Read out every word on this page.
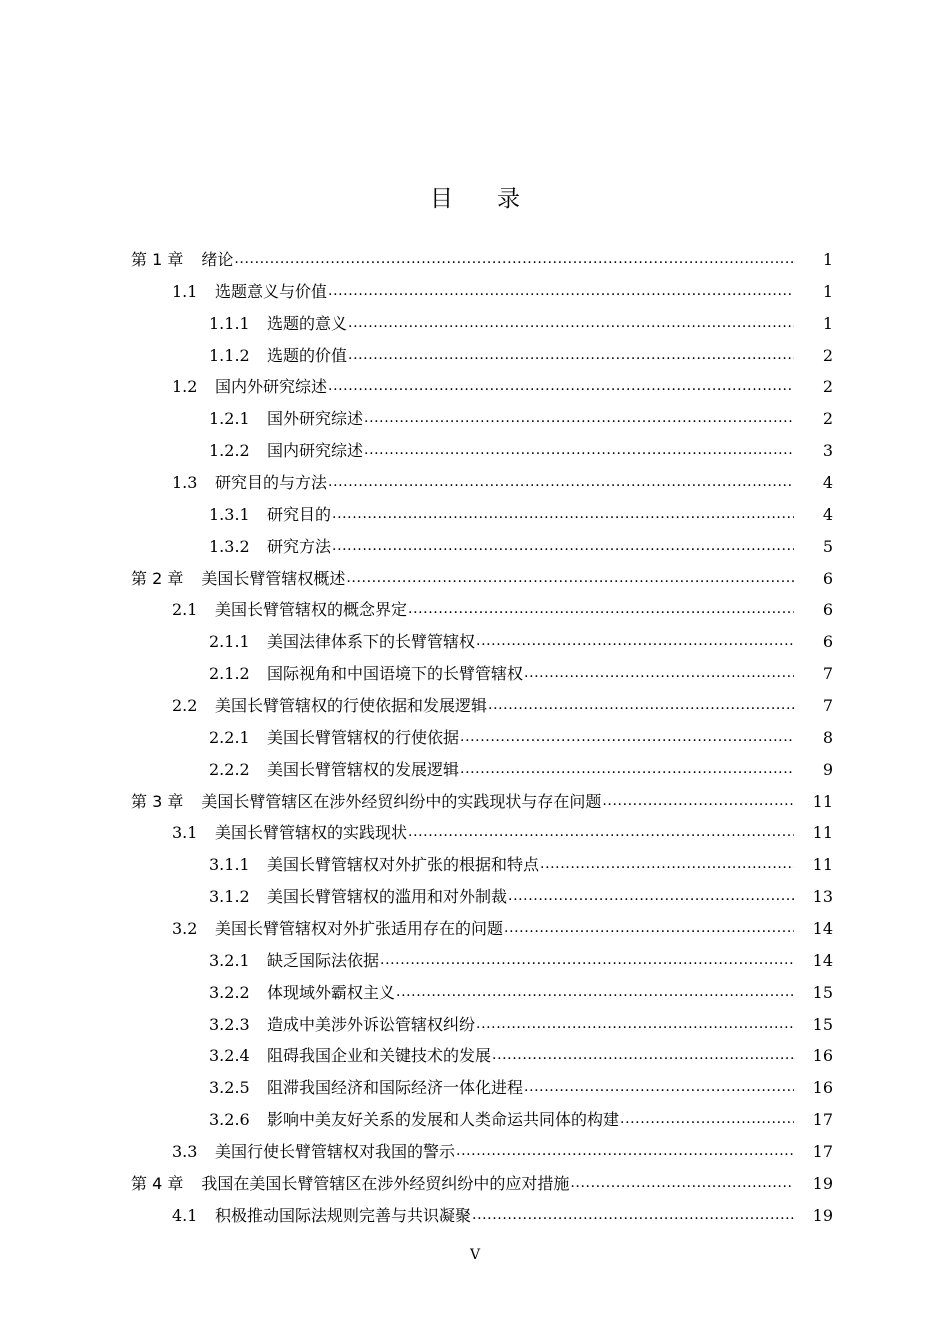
目录
第 1 章 绪论 .....	1
1.1	选题意义与价值 .....	1
1.1.1	选题的意义 .....	1
1.1.2	选题的价值 .....	2
1.2	国内外研究综述 .....	2
1.2.1	国外研究综述 .....	2
1.2.2	国内研究综述 .....	3
1.3	研究目的与方法 .....	4
1.3.1	研究目的 .....	4
1.3.2	研究方法 .....	5
第 2 章 美国长臂管辖权概述 .....	6
2.1	美国长臂管辖权的概念界定 .....	6
2.1.1	美国法律体系下的长臂管辖权 .....	6
2.1.2	国际视角和中国语境下的长臂管辖权 .....	7
2.2	美国长臂管辖权的行使依据和发展逻辑 .....	7
2.2.1	美国长臂管辖权的行使依据 .....	8
2.2.2	美国长臂管辖权的发展逻辑 .....	9
第 3 章 美国长臂管辖区在涉外经贸纠纷中的实践现状与存在问题 .....	11
3.1	美国长臂管辖权的实践现状 .....	11
3.1.1	美国长臂管辖权对外扩张的根据和特点 .....	11
3.1.2	美国长臂管辖权的滥用和对外制裁 .....	13
3.2	美国长臂管辖权对外扩张适用存在的问题 .....	14
3.2.1	缺乏国际法依据 .....	14
3.2.2	体现域外霸权主义 .....	15
3.2.3	造成中美涉外诉讼管辖权纠纷 .....	15
3.2.4	阻碍我国企业和关键技术的发展 .....	16
3.2.5	阻滞我国经济和国际经济一体化进程 .....	16
3.2.6	影响中美友好关系的发展和人类命运共同体的构建 .....	17
3.3	美国行使长臂管辖权对我国的警示 .....	17
第 4 章 我国在美国长臂管辖区在涉外经贸纠纷中的应对措施 .....	19
4.1	积极推动国际法规则完善与共识凝聚 .....	19
V
